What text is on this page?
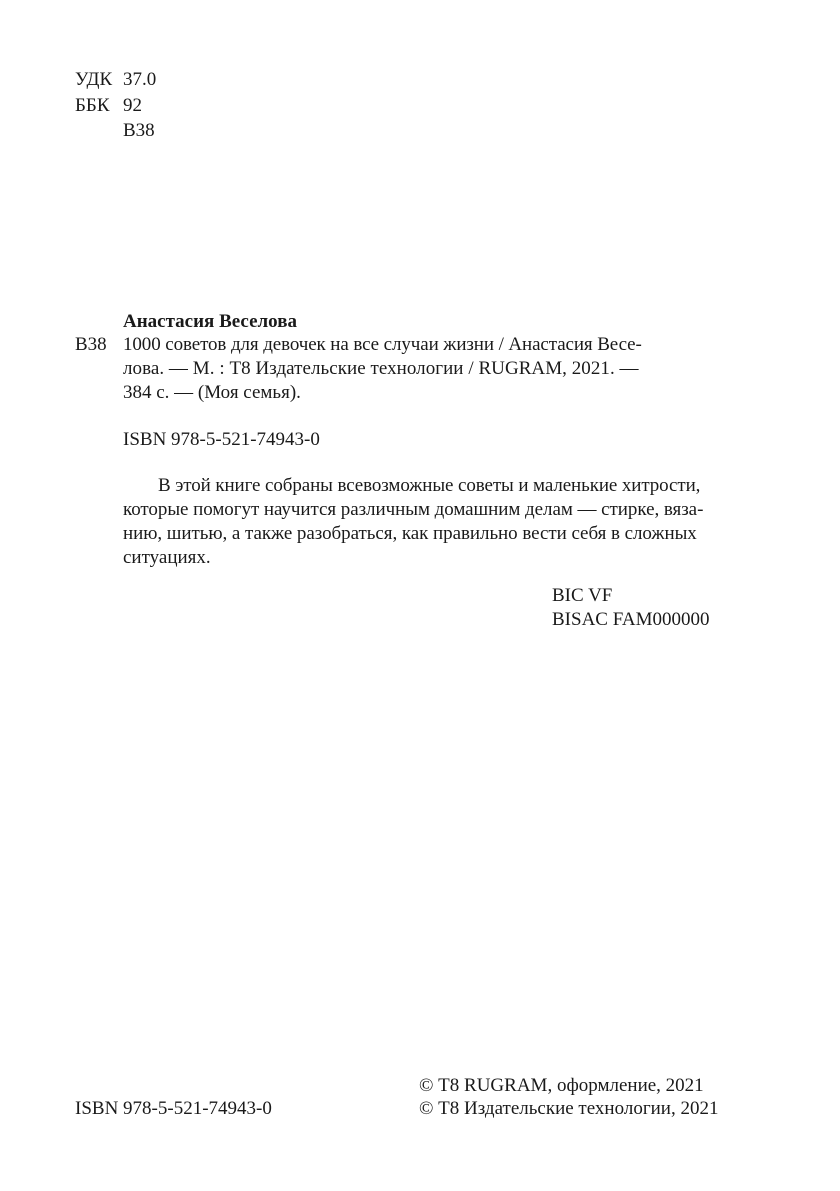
УДК 37.0
ББК 92
В38
Анастасия Веселова
В38 1000 советов для девочек на все случаи жизни / Анастасия Весе-
лова. — М. : Т8 Издательские технологии / RUGRAM, 2021. —
384 с. — (Моя семья).
ISBN 978-5-521-74943-0
В этой книге собраны всевозможные советы и маленькие хитрости,
которые помогут научится различным домашним делам — стирке, вяза-
нию, шитью, а также разобраться, как правильно вести себя в сложных
ситуациях.
BIC VF
BISAC FAM000000
ISBN 978-5-521-74943-0
© Т8 RUGRAM, оформление, 2021
© Т8 Издательские технологии, 2021
